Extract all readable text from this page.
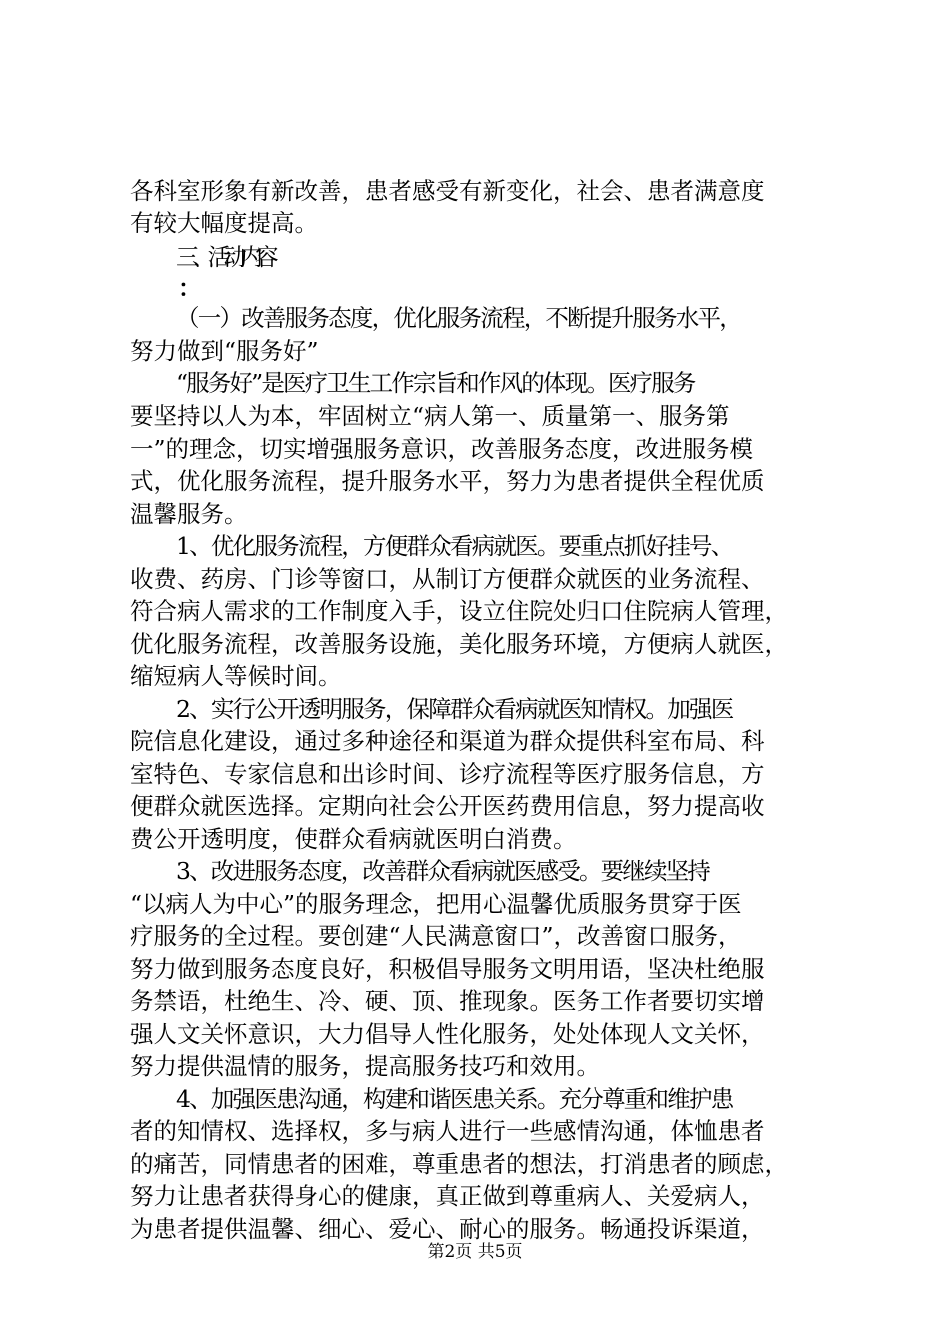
各科室形象有新改善，患者感受有新变化，社会、患者满意度
有较大幅度提高。
三、活动内容
（一）改善服务态度，优化服务流程，不断提升服务水平，
努力做到“服务好”
“服务好”是医疗卫生工作宗旨和作风的体现。医疗服务
要坚持以人为本，牢固树立“病人第一、质量第一、服务第
一”的理念，切实增强服务意识，改善服务态度，改进服务模
式，优化服务流程，提升服务水平，努力为患者提供全程优质
温馨服务。
1、优化服务流程，方便群众看病就医。要重点抓好挂号、
收费、药房、门诊等窗口，从制订方便群众就医的业务流程、
符合病人需求的工作制度入手，设立住院处归口住院病人管理，
优化服务流程，改善服务设施，美化服务环境，方便病人就医，
缩短病人等候时间。
2、实行公开透明服务，保障群众看病就医知情权。加强医
院信息化建设，通过多种途径和渠道为群众提供科室布局、科
室特色、专家信息和出诊时间、诊疗流程等医疗服务信息，方
便群众就医选择。定期向社会公开医药费用信息，努力提高收
费公开透明度，使群众看病就医明白消费。
3、改进服务态度，改善群众看病就医感受。要继续坚持
“以病人为中心”的服务理念，把用心温馨优质服务贯穿于医
疗服务的全过程。要创建“人民满意窗口”，改善窗口服务，
努力做到服务态度良好，积极倡导服务文明用语，坚决杜绝服
务禁语，杜绝生、冷、硬、顶、推现象。医务工作者要切实增
强人文关怀意识，大力倡导人性化服务，处处体现人文关怀，
努力提供温情的服务，提高服务技巧和效用。
4、加强医患沟通，构建和谐医患关系。充分尊重和维护患
者的知情权、选择权，多与病人进行一些感情沟通，体恤患者
的痛苦，同情患者的困难，尊重患者的想法，打消患者的顾虑，
努力让患者获得身心的健康，真正做到尊重病人、关爱病人，
为患者提供温馨、细心、爱心、耐心的服务。畅通投诉渠道，
第2页 共5页
